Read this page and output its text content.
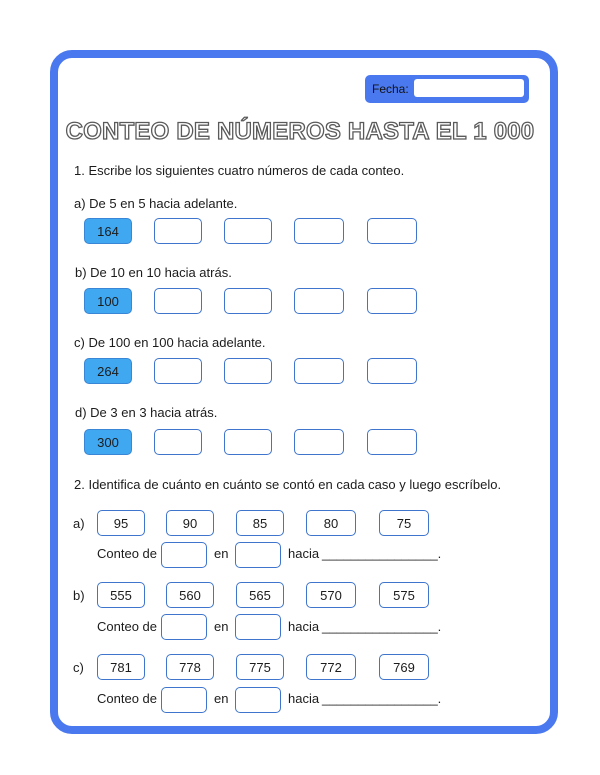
Fecha:
CONTEO DE NÚMEROS HASTA EL 1 000
1. Escribe los siguientes cuatro números de cada conteo.
a) De 5 en 5 hacia adelante.
164
b) De 10 en 10 hacia atrás.
100
c) De 100 en 100 hacia adelante.
264
d) De 3 en 3 hacia atrás.
300
2. Identifica de cuánto en cuánto se contó en cada caso y luego escríbelo.
a)	95	90	85	80	75
Conteo de	en	hacia ________________.
b)	555	560	565	570	575
Conteo de	en	hacia ________________.
c)	781	778	775	772	769
Conteo de	en	hacia ________________.
